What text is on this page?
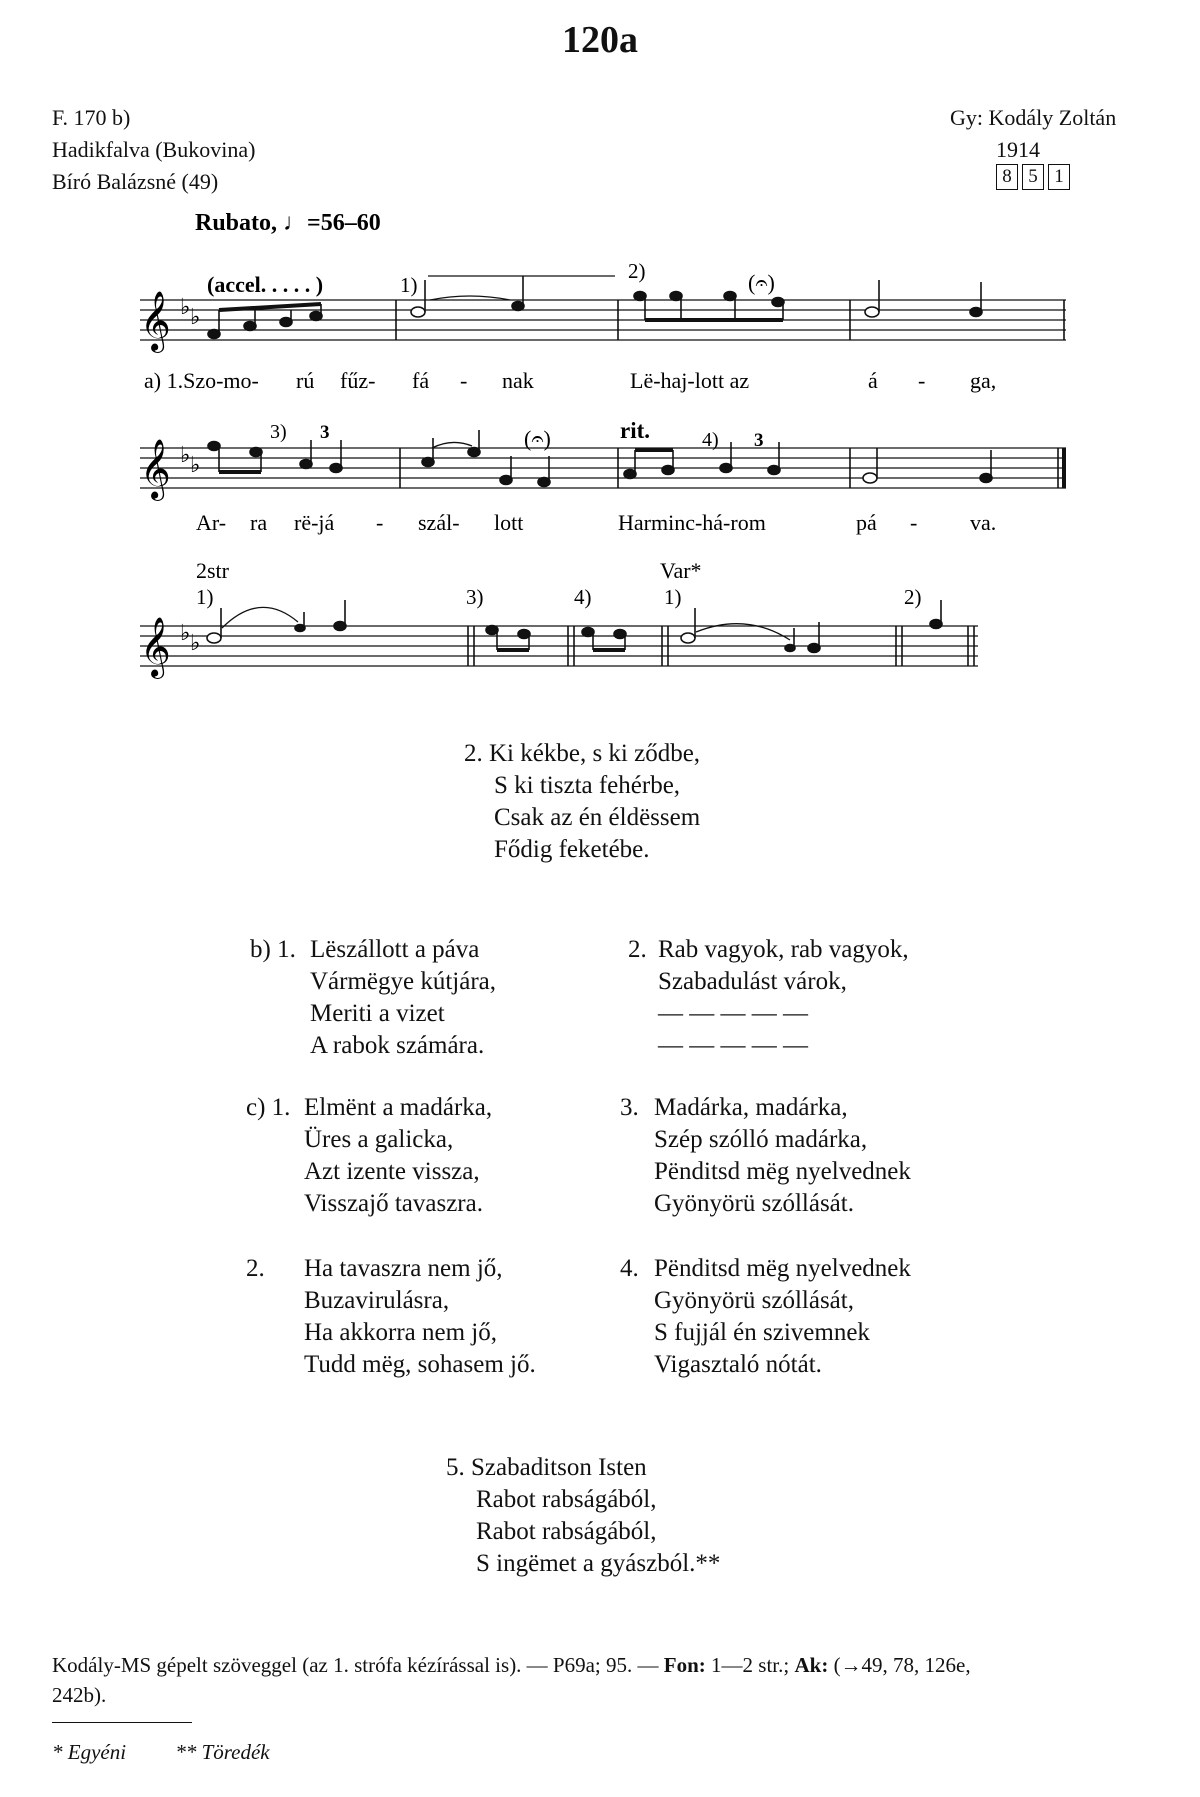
120a
F. 170 b)
Hadikfalva (Bukovina)
Bíró Balázsné (49)
Gy: Kodály Zoltán
1914
8 5 1
𝄞 ♭ ♭
Rubato, ♩=56–60
(accel. . . . . )	1)
2)	(𝄐)
a) 1.Szo-mo- rú fűz- fá - nak	Lë-haj-lott az	á - ga,
𝄞 ♭ ♭
3) 3	(𝄐)	rit.	4) 3
Ar- ra rë-já - szál- lott	Harminc-há-rom	pá - va.
2str	Var*
1)	3)	4)	1)	2)
𝄞 ♭ ♭
2. Ki kékbe, s ki ződbe,
S ki tiszta fehérbe,
Csak az én éldëssem
Fődig feketébe.
b) 1. Lëszállott a páva
Vármëgye kútjára,
Meriti a vizet
A rabok számára.
2. Rab vagyok, rab vagyok,
Szabadulást várok,
— — — — —
— — — — —
c) 1. Elmënt a madárka,
Üres a galicka,
Azt izente vissza,
Visszajő tavaszra.
3. Madárka, madárka,
Szép szólló madárka,
Pënditsd mëg nyelvednek
Gyönyörü szóllását.
2. Ha tavaszra nem jő,
Buzavirulásra,
Ha akkorra nem jő,
Tudd mëg, sohasem jő.
4. Pënditsd mëg nyelvednek
Gyönyörü szóllását,
S fujjál én szivemnek
Vigasztaló nótát.
5. Szabaditson Isten
Rabot rabságából,
Rabot rabságából,
S ingëmet a gyászból.**
Kodály-MS gépelt szöveggel (az 1. strófa kézírással is). — P69a; 95. — Fon: 1—2 str.; Ak: (→49, 78, 126e,
242b).
* Egyéni ** Töredék
